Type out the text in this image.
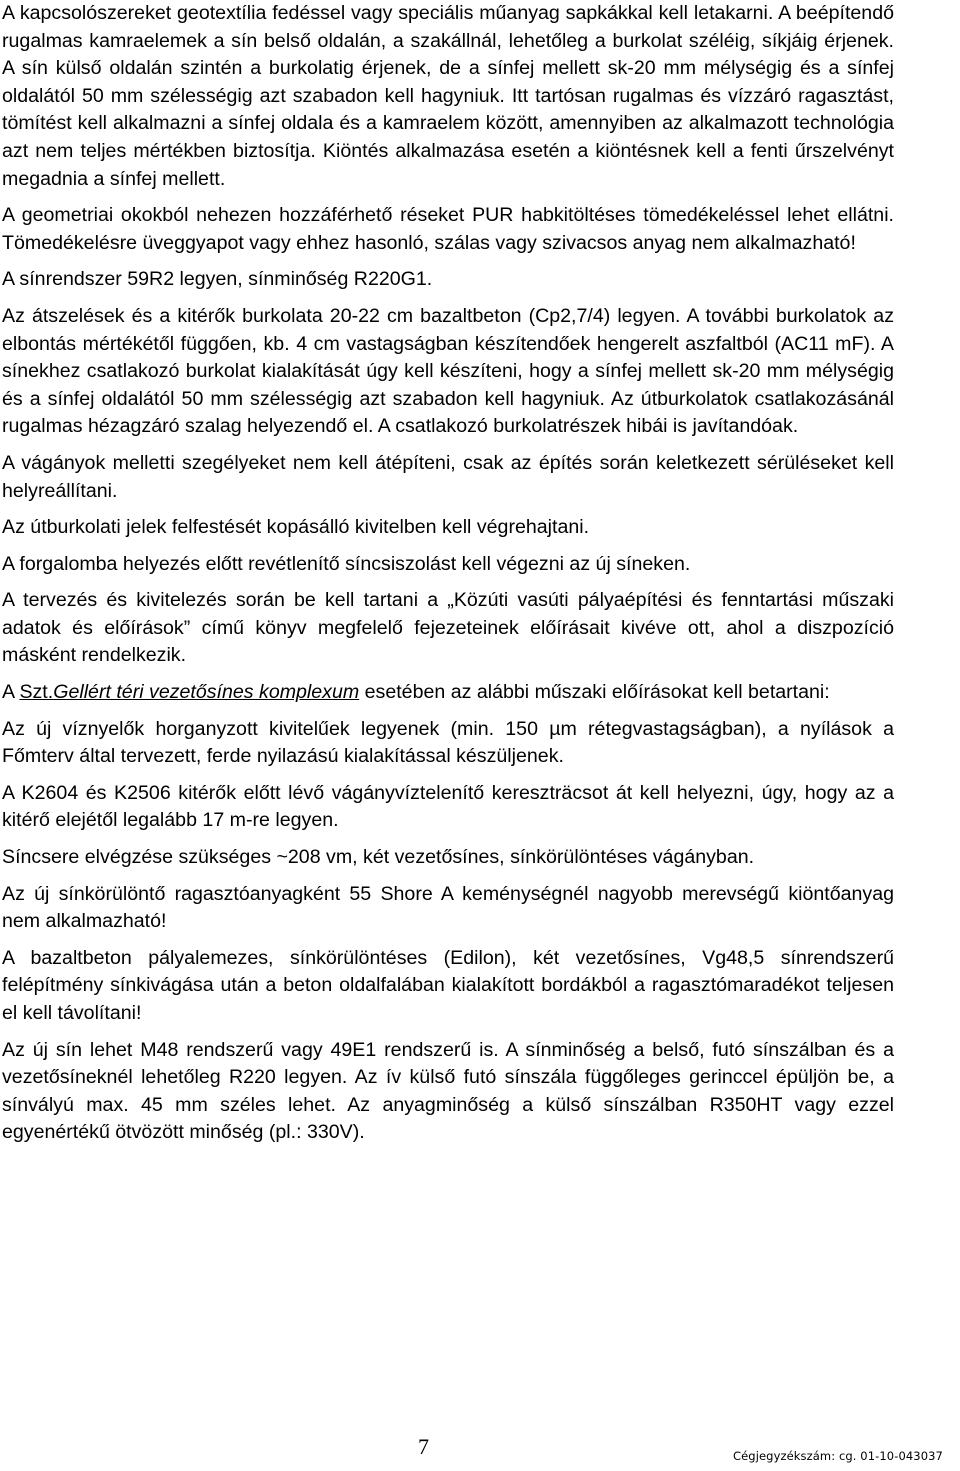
A kapcsolószereket geotextília fedéssel vagy speciális műanyag sapkákkal kell letakarni. A beépítendő rugalmas kamraelemek a sín belső oldalán, a szakállnál, lehetőleg a burkolat széléig, síkjáig érjenek. A sín külső oldalán szintén a burkolatig érjenek, de a sínfej mellett sk-20 mm mélységig és a sínfej oldalától 50 mm szélességig azt szabadon kell hagyniuk. Itt tartósan rugalmas és vízzáró ragasztást, tömítést kell alkalmazni a sínfej oldala és a kamraelem között, amennyiben az alkalmazott technológia azt nem teljes mértékben biztosítja. Kiöntés alkalmazása esetén a kiöntésnek kell a fenti űrszelvényt megadnia a sínfej mellett.

A geometriai okokból nehezen hozzáférhető réseket PUR habkitöltéses tömedékeléssel lehet ellátni. Tömedékelésre üveggyapot vagy ehhez hasonló, szálas vagy szivacsos anyag nem alkalmazható!

A sínrendszer 59R2 legyen, sínminőség R220G1.

Az átszelések és a kitérők burkolata 20-22 cm bazaltbeton (Cp2,7/4) legyen. A további burkolatok az elbontás mértékétől függően, kb. 4 cm vastagságban készítendőek hengerelt aszfaltból (AC11 mF). A sínekhez csatlakozó burkolat kialakítását úgy kell készíteni, hogy a sínfej mellett sk-20 mm mélységig és a sínfej oldalától 50 mm szélességig azt szabadon kell hagyniuk. Az útburkolatok csatlakozásánál rugalmas hézagzáró szalag helyezendő el. A csatlakozó burkolatrészek hibái is javítandóak.

A vágányok melletti szegélyeket nem kell átépíteni, csak az építés során keletkezett sérüléseket kell helyreállítani.

Az útburkolati jelek felfestését kopásálló kivitelben kell végrehajtani.

A forgalomba helyezés előtt revétlenítő síncsiszolást kell végezni az új síneken.

A tervezés és kivitelezés során be kell tartani a „Közúti vasúti pályaépítési és fenntartási műszaki adatok és előírások” című könyv megfelelő fejezeteinek előírásait kivéve ott, ahol a diszpozíció másként rendelkezik.

A Szt.Gellért téri vezetősínes komplexum esetében az alábbi műszaki előírásokat kell betartani:

Az új víznyelők horganyzott kivitelűek legyenek (min. 150 µm rétegvastagságban), a nyílások a Főmterv által tervezett, ferde nyilazású kialakítással készüljenek.

A K2604 és K2506 kitérők előtt lévő vágányvíztelenítő kereszträcsot át kell helyezni, úgy, hogy az a kitérő elejétől legalább 17 m-re legyen.

Síncsere elvégzése szükséges ~208 vm, két vezetősínes, sínkörülöntéses vágányban.

Az új sínkörülöntő ragasztóanyagként 55 Shore A keménységnél nagyobb merevségű kiöntőanyag nem alkalmazható!

A bazaltbeton pályalemezes, sínkörülöntéses (Edilon), két vezetősínes, Vg48,5 sínrendszerű felépítmény sínkivágása után a beton oldalfalában kialakított bordákból a ragasztómaradékot teljesen el kell távolítani!

Az új sín lehet M48 rendszerű vagy 49E1 rendszerű is. A sínminőség a belső, futó sínszálban és a vezetősíneknél lehetőleg R220 legyen. Az ív külső futó sínszála függőleges gerinccel épüljön be, a sínvályú max. 45 mm széles lehet. Az anyagminőség a külső sínszálban R350HT vagy ezzel egyenértékű ötvözött minőség (pl.: 330V).

7	Cégjegyzékszám: cg. 01-10-043037
